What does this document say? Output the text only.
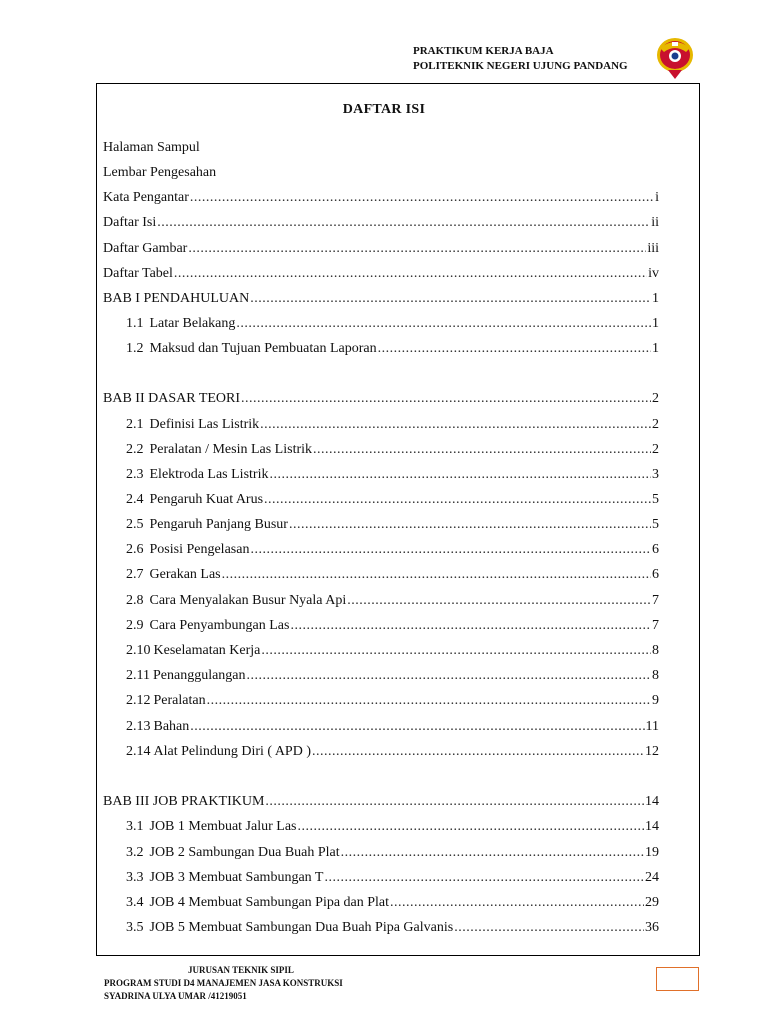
PRAKTIKUM KERJA BAJA
POLITEKNIK NEGERI UJUNG PANDANG
DAFTAR ISI
Halaman Sampul
Lembar Pengesahan
Kata Pengantar .....	i
Daftar Isi .....	ii
Daftar Gambar .....	iii
Daftar Tabel .....	iv
BAB I PENDAHULUAN .....	1
1.1 Latar Belakang .....	1
1.2 Maksud dan Tujuan Pembuatan Laporan .....	1
BAB II DASAR TEORI .....	2
2.1 Definisi Las Listrik .....	2
2.2 Peralatan / Mesin Las Listrik .....	2
2.3 Elektroda Las Listrik .....	3
2.4 Pengaruh Kuat Arus .....	5
2.5 Pengaruh Panjang Busur .....	5
2.6 Posisi Pengelasan .....	6
2.7 Gerakan Las .....	6
2.8 Cara Menyalakan Busur Nyala Api .....	7
2.9 Cara Penyambungan Las .....	7
2.10 Keselamatan Kerja .....	8
2.11 Penanggulangan .....	8
2.12 Peralatan .....	9
2.13 Bahan .....	11
2.14 Alat Pelindung Diri ( APD ) .....	12
BAB III JOB PRAKTIKUM .....	14
3.1 JOB 1 Membuat Jalur Las .....	14
3.2 JOB 2 Sambungan Dua Buah Plat .....	19
3.3 JOB 3 Membuat Sambungan T .....	24
3.4 JOB 4 Membuat Sambungan Pipa dan Plat .....	29
3.5 JOB 5 Membuat Sambungan Dua Buah Pipa Galvanis .....	36
JURUSAN TEKNIK SIPIL
PROGRAM STUDI D4 MANAJEMEN JASA KONSTRUKSI
SYADRINA ULYA UMAR /41219051
